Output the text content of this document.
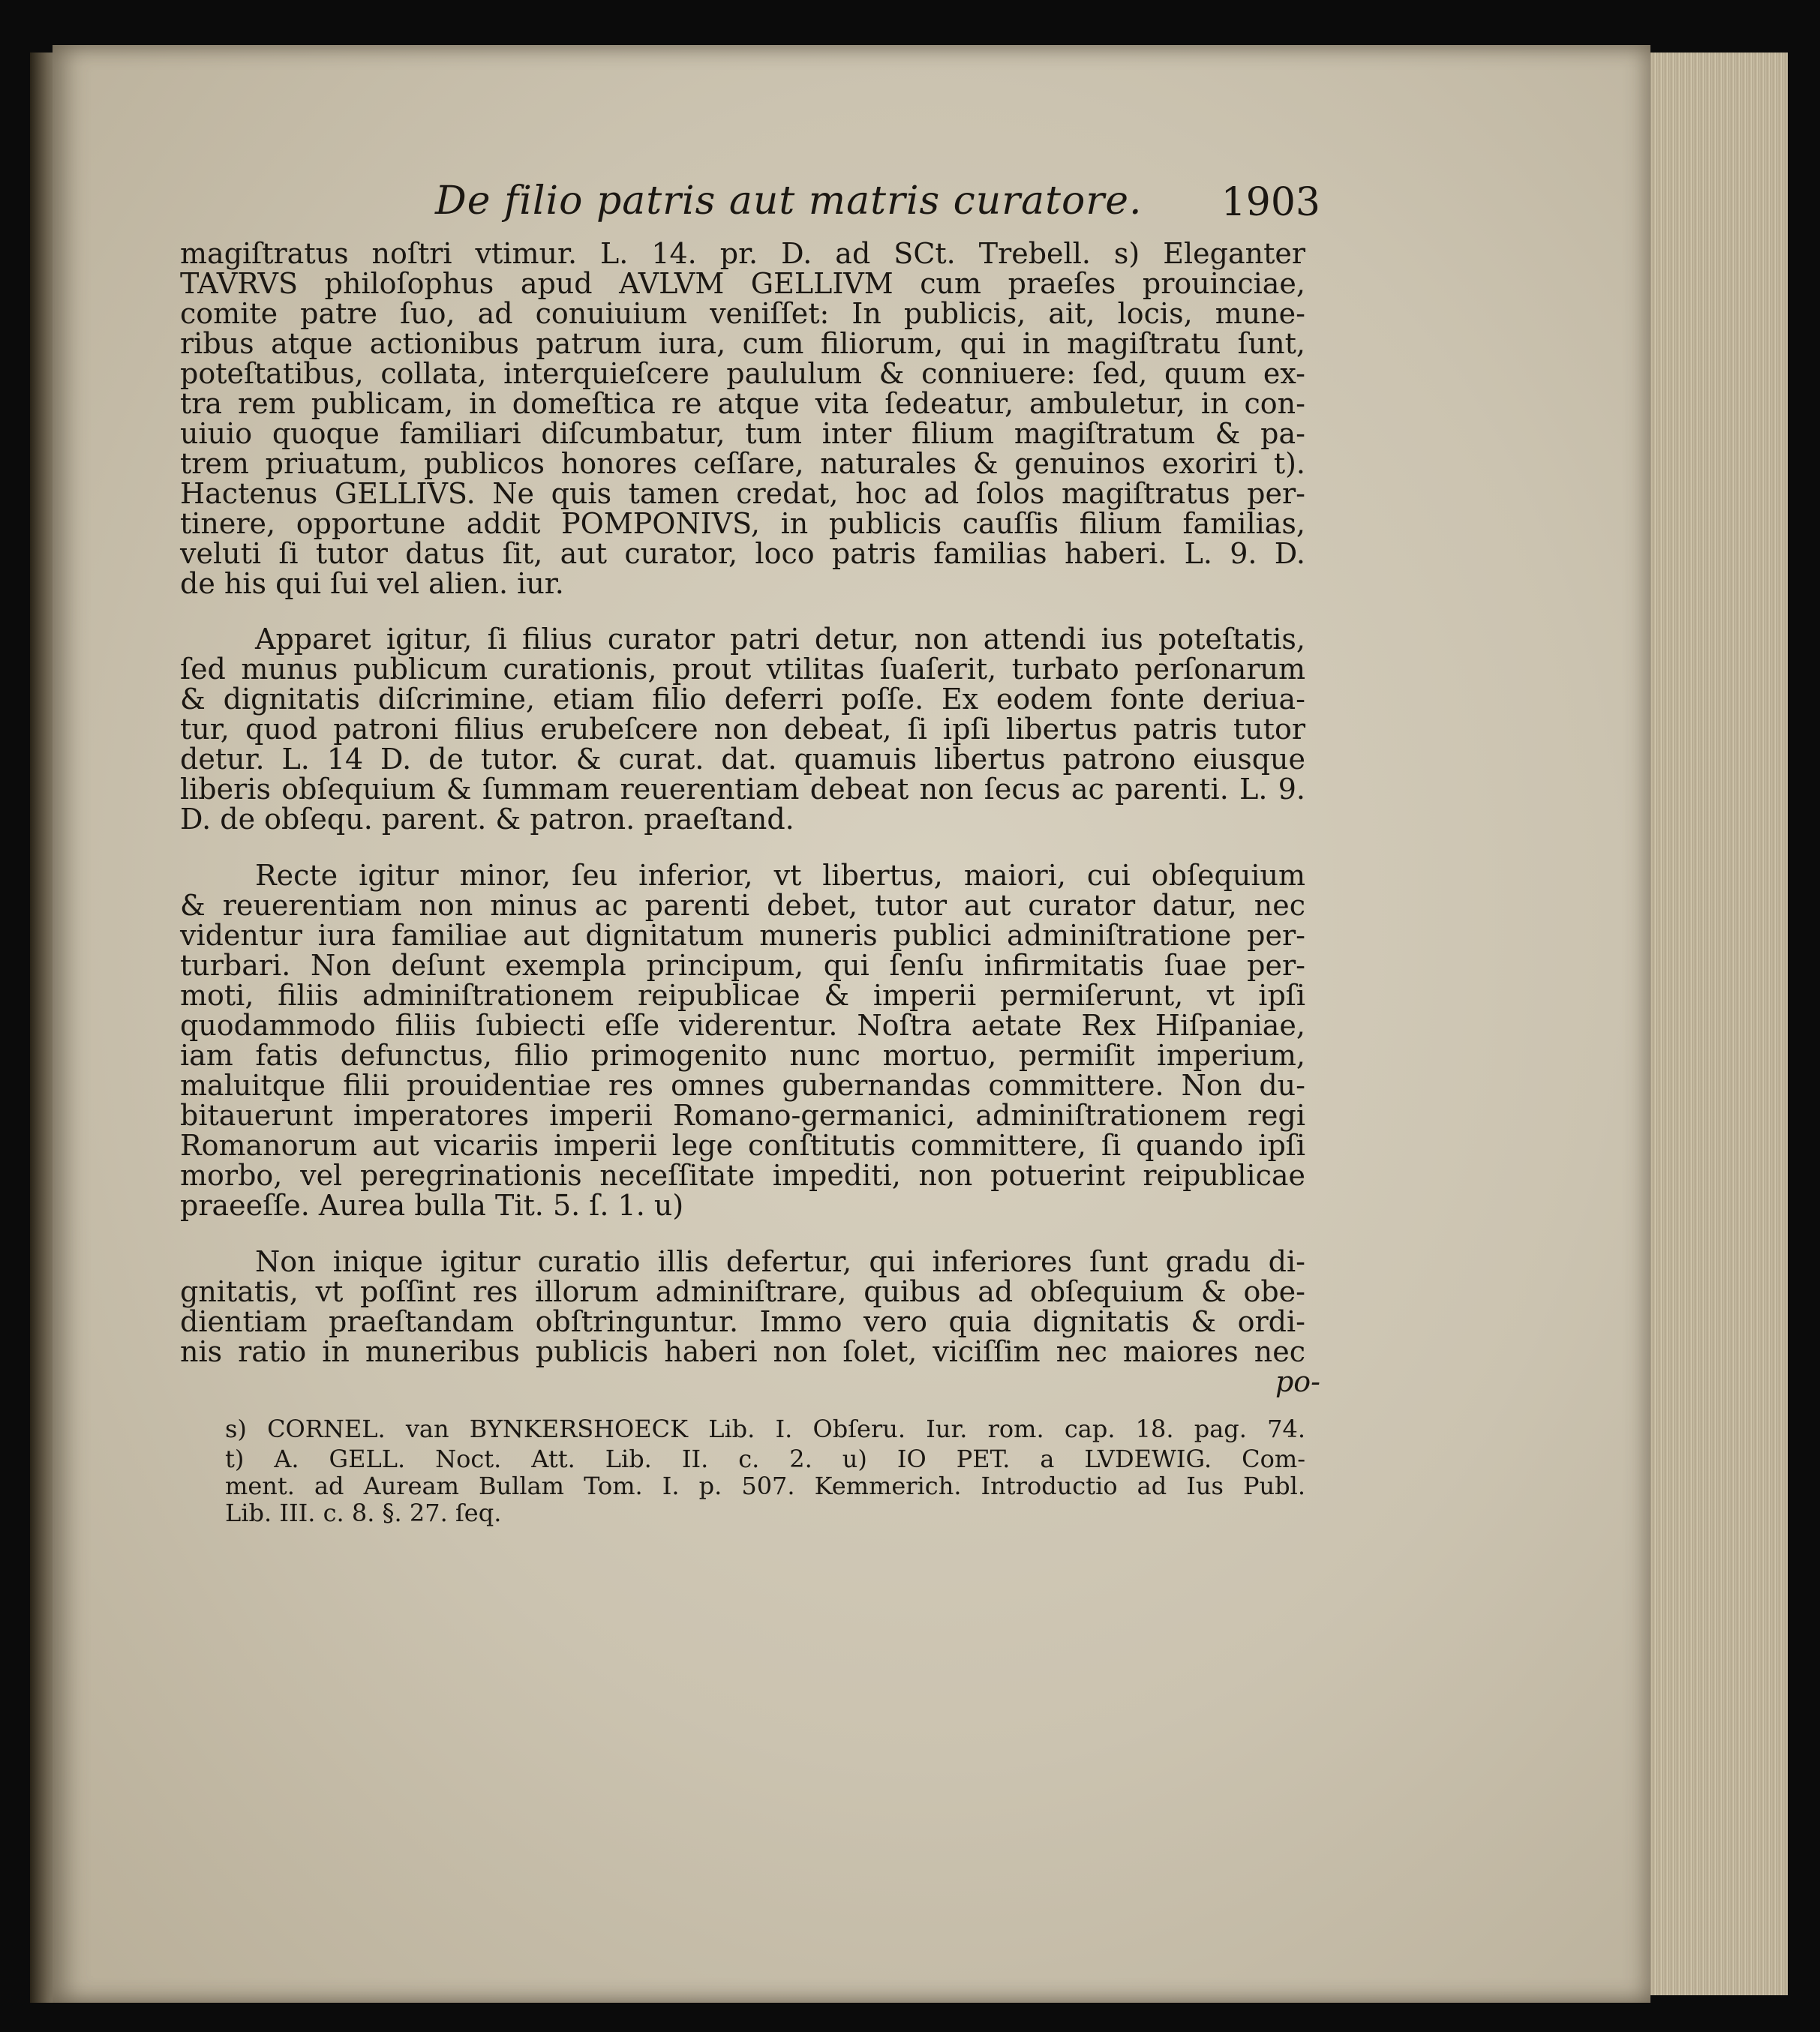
De filio patris aut matris curatore. 1903
magiſtratus noſtri vtimur. L. 14. pr. D. ad SCt. Trebell. s) Eleganter
TAVRVS philoſophus apud AVLVM GELLIVM cum praeſes prouinciae,
comite patre ſuo, ad conuiuium veniſſet: In publicis, ait, locis, mune-
ribus atque actionibus patrum iura, cum filiorum, qui in magiſtratu ſunt,
poteſtatibus, collata, interquieſcere paululum & conniuere: ſed, quum ex-
tra rem publicam, in domeſtica re atque vita ſedeatur, ambuletur, in con-
uiuio quoque familiari diſcumbatur, tum inter filium magiſtratum & pa-
trem priuatum, publicos honores ceſſare, naturales & genuinos exoriri t).
Hactenus GELLIVS. Ne quis tamen credat, hoc ad ſolos magiſtratus per-
tinere, opportune addit POMPONIVS, in publicis cauſſis filium familias,
veluti ſi tutor datus ſit, aut curator, loco patris familias haberi. L. 9. D.
de his qui ſui vel alien. iur.
Apparet igitur, ſi filius curator patri detur, non attendi ius poteſtatis,
ſed munus publicum curationis, prout vtilitas ſuaſerit, turbato perſonarum
& dignitatis diſcrimine, etiam filio deferri poſſe. Ex eodem fonte deriua-
tur, quod patroni filius erubeſcere non debeat, ſi ipſi libertus patris tutor
detur. L. 14 D. de tutor. & curat. dat. quamuis libertus patrono eiusque
liberis obſequium & ſummam reuerentiam debeat non ſecus ac parenti. L. 9.
D. de obſequ. parent. & patron. praeſtand.
Recte igitur minor, ſeu inferior, vt libertus, maiori, cui obſequium
& reuerentiam non minus ac parenti debet, tutor aut curator datur, nec
videntur iura familiae aut dignitatum muneris publici adminiſtratione per-
turbari. Non deſunt exempla principum, qui ſenſu infirmitatis ſuae per-
moti, filiis adminiſtrationem reipublicae & imperii permiſerunt, vt ipſi
quodammodo filiis ſubiecti eſſe viderentur. Noſtra aetate Rex Hiſpaniae,
iam fatis defunctus, filio primogenito nunc mortuo, permiſit imperium,
maluitque filii prouidentiae res omnes gubernandas committere. Non du-
bitauerunt imperatores imperii Romano-germanici, adminiſtrationem regi
Romanorum aut vicariis imperii lege conſtitutis committere, ſi quando ipſi
morbo, vel peregrinationis neceſſitate impediti, non potuerint reipublicae
praeeſſe. Aurea bulla Tit. 5. ſ. 1. u)
Non inique igitur curatio illis defertur, qui inferiores ſunt gradu di-
gnitatis, vt poſſint res illorum adminiſtrare, quibus ad obſequium & obe-
dientiam praeſtandam obſtringuntur. Immo vero quia dignitatis & ordi-
nis ratio in muneribus publicis haberi non ſolet, viciſſim nec maiores nec
po-
s) CORNEL. van BYNKERSHOECK Lib. I. Obſeru. Iur. rom. cap. 18. pag. 74.
t) A. GELL. Noct. Att. Lib. II. c. 2. u) IO PET. a LVDEWIG. Com-
ment. ad Auream Bullam Tom. I. p. 507. Kemmerich. Introductio ad Ius Publ.
Lib. III. c. 8. §. 27. ſeq.
